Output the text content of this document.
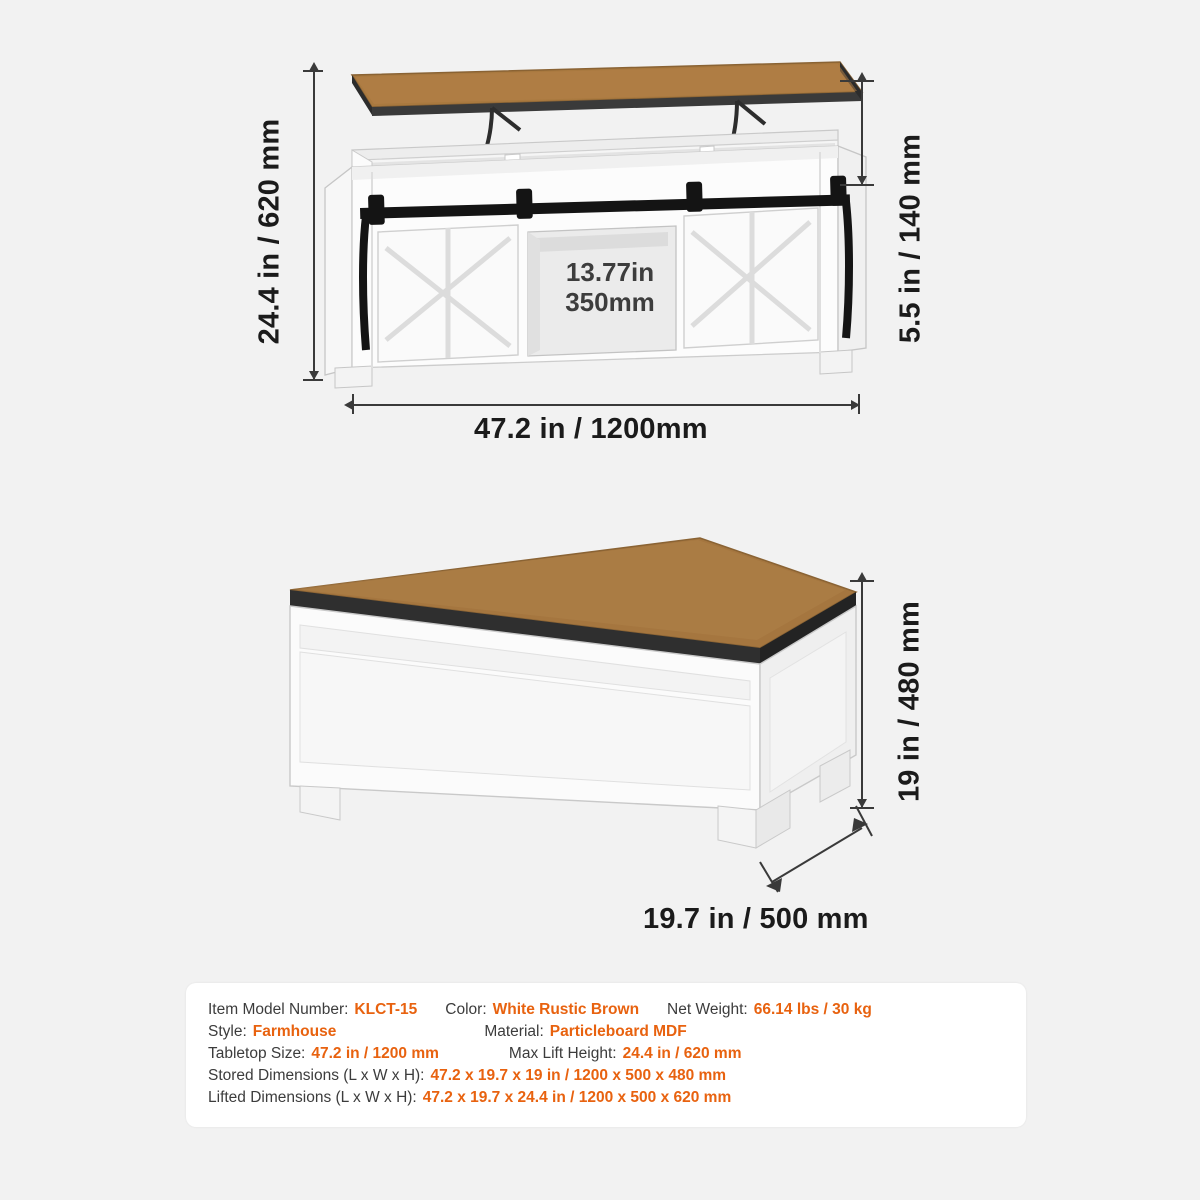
13.77in
350mm
24.4 in / 620 mm	5.5 in / 140 mm
47.2 in / 1200mm
19 in / 480 mm
19.7 in / 500 mm
Item Model Number: KLCT-15 Color: White Rustic Brown Net Weight: 66.14 lbs / 30 kg
Style: Farmhouse	Material: Particleboard MDF
Tabletop Size: 47.2 in / 1200 mm	Max Lift Height: 24.4 in / 620 mm
Stored Dimensions (L x W x H): 47.2 x 19.7 x 19 in / 1200 x 500 x 480 mm
Lifted Dimensions (L x W x H): 47.2 x 19.7 x 24.4 in / 1200 x 500 x 620 mm
